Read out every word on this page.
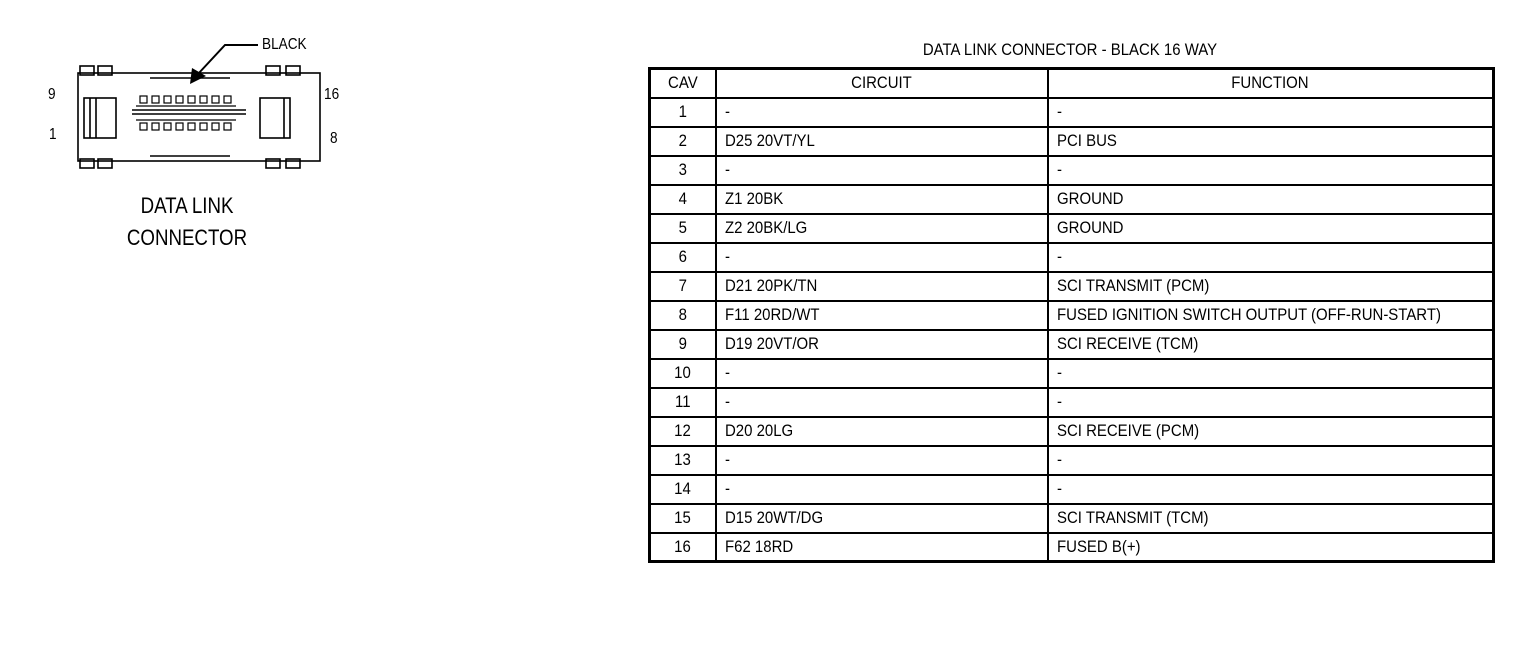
BLACK
9
1
16
8
DATA LINK
CONNECTOR
DATA LINK CONNECTOR - BLACK 16 WAY
CAV	CIRCUIT	FUNCTION
1	-	-
2	D25 20VT/YL	PCI BUS
3	-	-
4	Z1 20BK	GROUND
5	Z2 20BK/LG	GROUND
6	-	-
7	D21 20PK/TN	SCI TRANSMIT (PCM)
8	F11 20RD/WT	FUSED IGNITION SWITCH OUTPUT (OFF-RUN-START)
9	D19 20VT/OR	SCI RECEIVE (TCM)
10	-	-
11	-	-
12	D20 20LG	SCI RECEIVE (PCM)
13	-	-
14	-	-
15	D15 20WT/DG	SCI TRANSMIT (TCM)
16	F62 18RD	FUSED B(+)
